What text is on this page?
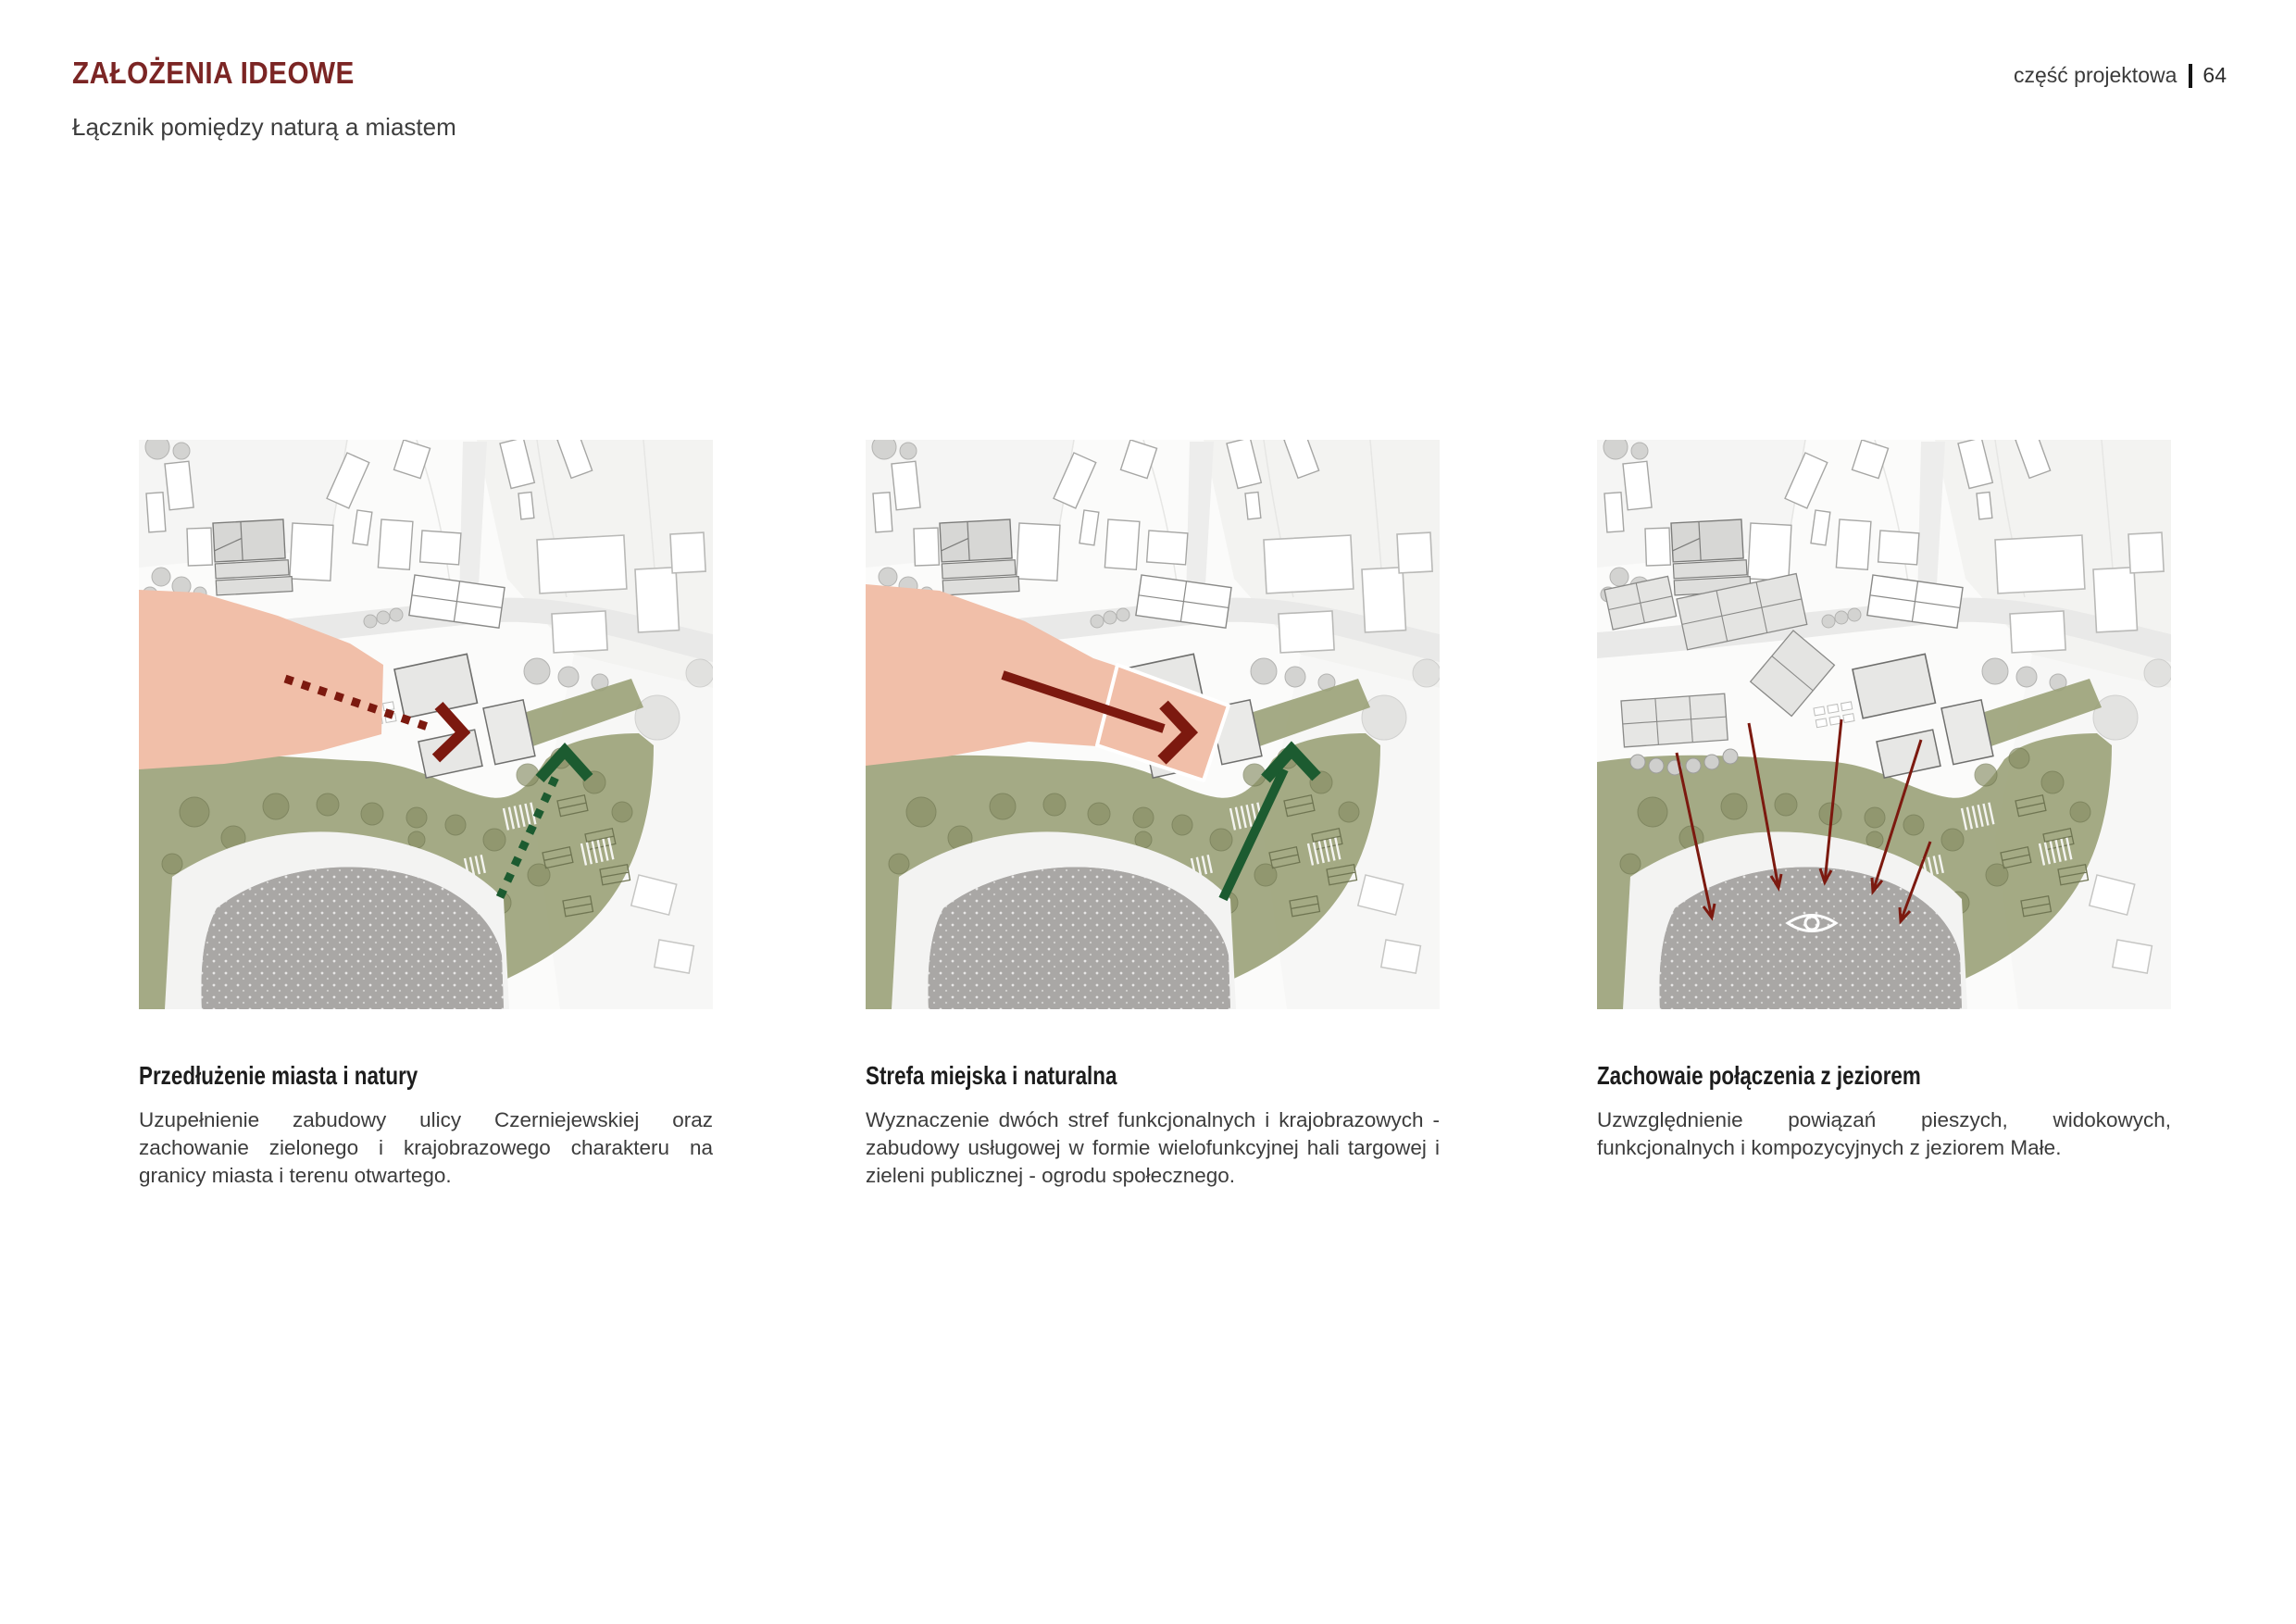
ZAŁOŻENIA IDEOWE

Łącznik pomiędzy naturą a miastem

część projektowa 64
Przedłużenie miasta i natury

Uzupełnienie zabudowy ulicy Czerniejewskiej oraz zachowanie zielonego i krajobrazowego charakteru na granicy miasta i terenu otwartego.

Strefa miejska i naturalna

Wyznaczenie dwóch stref funkcjonalnych i krajobrazowych - zabudowy usługowej w formie wielofunkcyjnej hali targowej i zieleni publicznej - ogrodu społecznego.

Zachowaie połączenia z jeziorem

Uzwzględnienie powiązań pieszych, widokowych, funkcjonalnych i kompozycyjnych z jeziorem Małe.
